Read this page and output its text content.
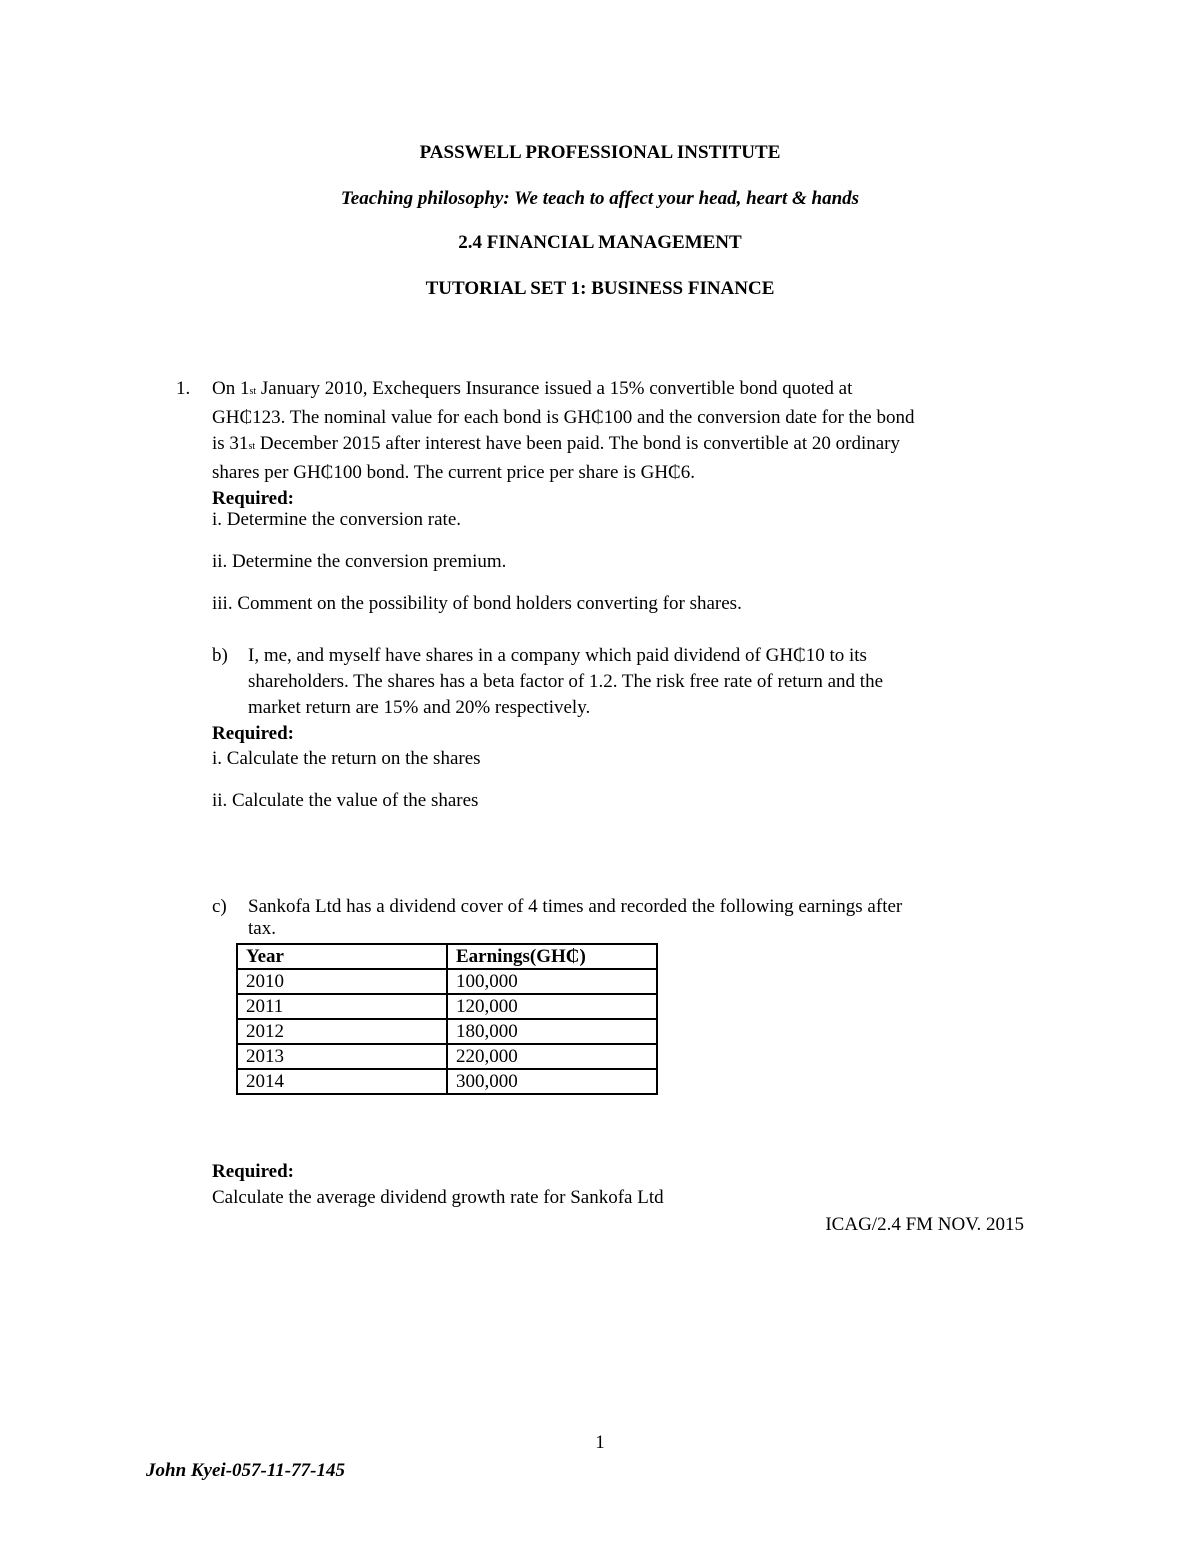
PASSWELL PROFESSIONAL INSTITUTE
Teaching philosophy: We teach to affect your head, heart & hands
2.4 FINANCIAL MANAGEMENT
TUTORIAL SET 1: BUSINESS FINANCE
1. On 1st January 2010, Exchequers Insurance issued a 15% convertible bond quoted at
GH₵123. The nominal value for each bond is GH₵100 and the conversion date for the bond
is 31st December 2015 after interest have been paid. The bond is convertible at 20 ordinary
shares per GH₵100 bond. The current price per share is GH₵6.
Required:
i. Determine the conversion rate.
ii. Determine the conversion premium.
iii. Comment on the possibility of bond holders converting for shares.
b) I, me, and myself have shares in a company which paid dividend of GH₵10 to its
shareholders. The shares has a beta factor of 1.2. The risk free rate of return and the
market return are 15% and 20% respectively.
Required:
i. Calculate the return on the shares
ii. Calculate the value of the shares
c) Sankofa Ltd has a dividend cover of 4 times and recorded the following earnings after
tax.
Year	Earnings(GH₵)
2010	100,000
2011	120,000
2012	180,000
2013	220,000
2014	300,000
Required:
Calculate the average dividend growth rate for Sankofa Ltd
ICAG/2.4 FM NOV. 2015
1
John Kyei-057-11-77-145
